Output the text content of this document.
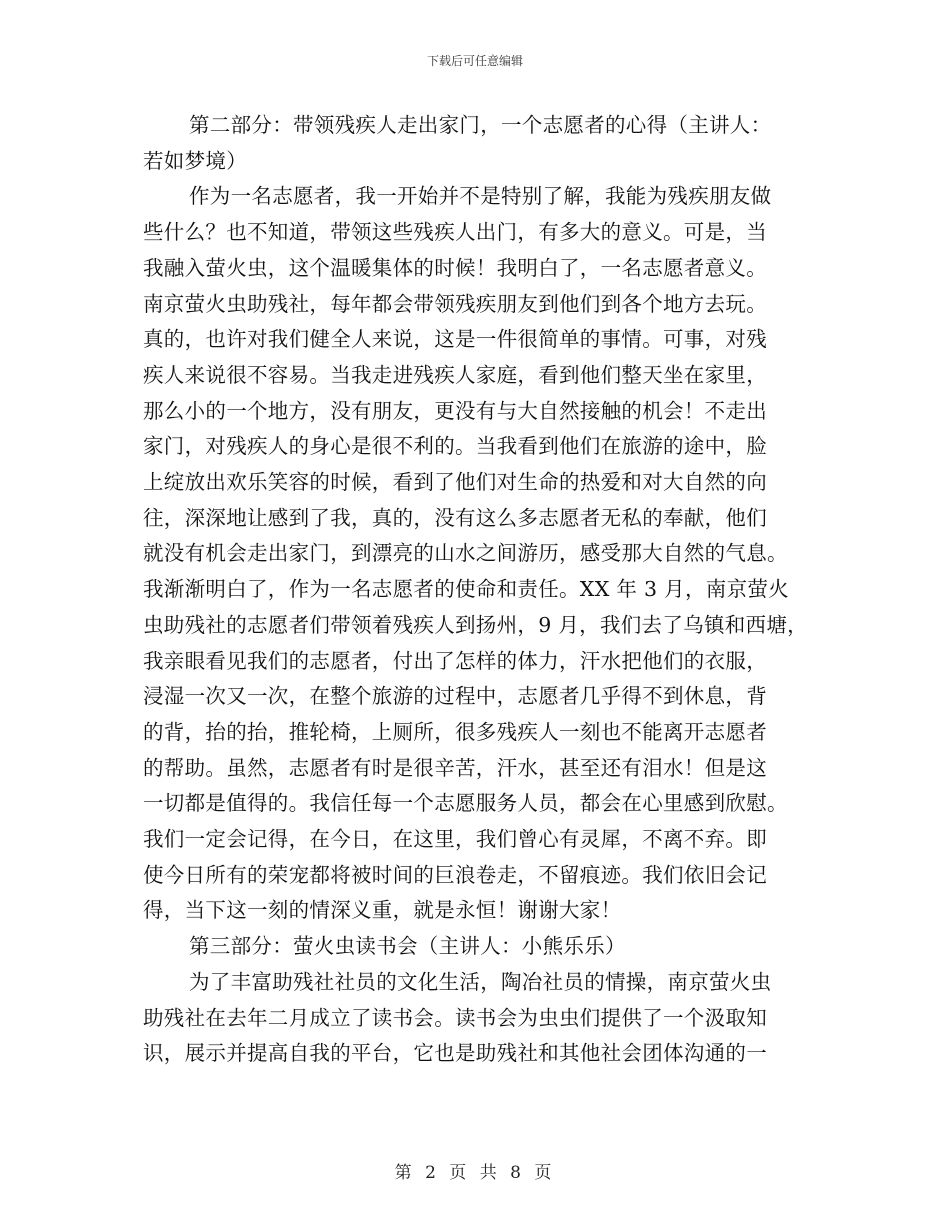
下载后可任意编辑
第二部分：带领残疾人走出家门，一个志愿者的心得（主讲人：
若如梦境）
作为一名志愿者，我一开始并不是特别了解，我能为残疾朋友做
些什么？也不知道，带领这些残疾人出门，有多大的意义。可是，当
我融入萤火虫，这个温暖集体的时候！我明白了，一名志愿者意义。
南京萤火虫助残社，每年都会带领残疾朋友到他们到各个地方去玩。
真的，也许对我们健全人来说，这是一件很简单的事情。可事，对残
疾人来说很不容易。当我走进残疾人家庭，看到他们整天坐在家里，
那么小的一个地方，没有朋友，更没有与大自然接触的机会！不走出
家门，对残疾人的身心是很不利的。当我看到他们在旅游的途中，脸
上绽放出欢乐笑容的时候，看到了他们对生命的热爱和对大自然的向
往，深深地让感到了我，真的，没有这么多志愿者无私的奉献，他们
就没有机会走出家门，到漂亮的山水之间游历，感受那大自然的气息。
我渐渐明白了，作为一名志愿者的使命和责任。XX 年 3 月，南京萤火
虫助残社的志愿者们带领着残疾人到扬州，9 月，我们去了乌镇和西塘，
我亲眼看见我们的志愿者，付出了怎样的体力，汗水把他们的衣服，
浸湿一次又一次，在整个旅游的过程中，志愿者几乎得不到休息，背
的背，抬的抬，推轮椅，上厕所，很多残疾人一刻也不能离开志愿者
的帮助。虽然，志愿者有时是很辛苦，汗水，甚至还有泪水！但是这
一切都是值得的。我信任每一个志愿服务人员，都会在心里感到欣慰。
我们一定会记得，在今日，在这里，我们曾心有灵犀，不离不弃。即
使今日所有的荣宠都将被时间的巨浪卷走，不留痕迹。我们依旧会记
得，当下这一刻的情深义重，就是永恒！谢谢大家！
第三部分：萤火虫读书会（主讲人：小熊乐乐）
为了丰富助残社社员的文化生活，陶冶社员的情操，南京萤火虫
助残社在去年二月成立了读书会。读书会为虫虫们提供了一个汲取知
识，展示并提高自我的平台，它也是助残社和其他社会团体沟通的一
第 2 页 共 8 页
